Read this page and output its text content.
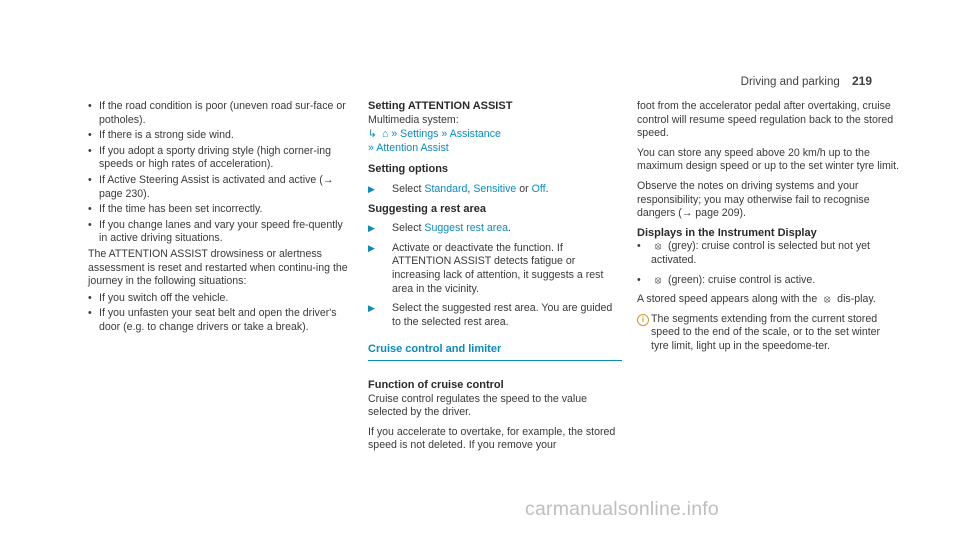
Driving and parking 219
• If the road condition is poor (uneven road sur-face or potholes).
• If there is a strong side wind.
• If you adopt a sporty driving style (high corner-ing speeds or high rates of acceleration).
• If Active Steering Assist is activated and active (→ page 230).
• If the time has been set incorrectly.
• If you change lanes and vary your speed fre-quently in active driving situations.

The ATTENTION ASSIST drowsiness or alertness assessment is reset and restarted when continu-ing the journey in the following situations:

• If you switch off the vehicle.
• If you unfasten your seat belt and open the driver's door (e.g. to change drivers or take a break).
Setting ATTENTION ASSIST
Multimedia system:
↳  ⌂ » Settings » Assistance
» Attention Assist
Setting options
▶ Select Standard, Sensitive or Off.
Suggesting a rest area
▶ Select Suggest rest area.
▶ Activate or deactivate the function. If ATTENTION ASSIST detects fatigue or increasing lack of attention, it suggests a rest area in the vicinity.
▶ Select the suggested rest area. You are guided to the selected rest area.
Cruise control and limiter
Function of cruise control

Cruise control regulates the speed to the value selected by the driver.

If you accelerate to overtake, for example, the stored speed is not deleted. If you remove your

foot from the accelerator pedal after overtaking, cruise control will resume speed regulation back to the stored speed.

You can store any speed above 20 km/h up to the maximum design speed or up to the set winter tyre limit.

Observe the notes on driving systems and your responsibility; you may otherwise fail to recognise dangers (→ page 209).

Displays in the Instrument Display
• ⦻ (grey): cruise control is selected but not yet activated.
• ⦻ (green): cruise control is active.

A stored speed appears along with the ⦻ dis-play.

i The segments extending from the current stored speed to the end of the scale, or to the set winter tyre limit, light up in the speedome-ter.
carmanualsonline.info
